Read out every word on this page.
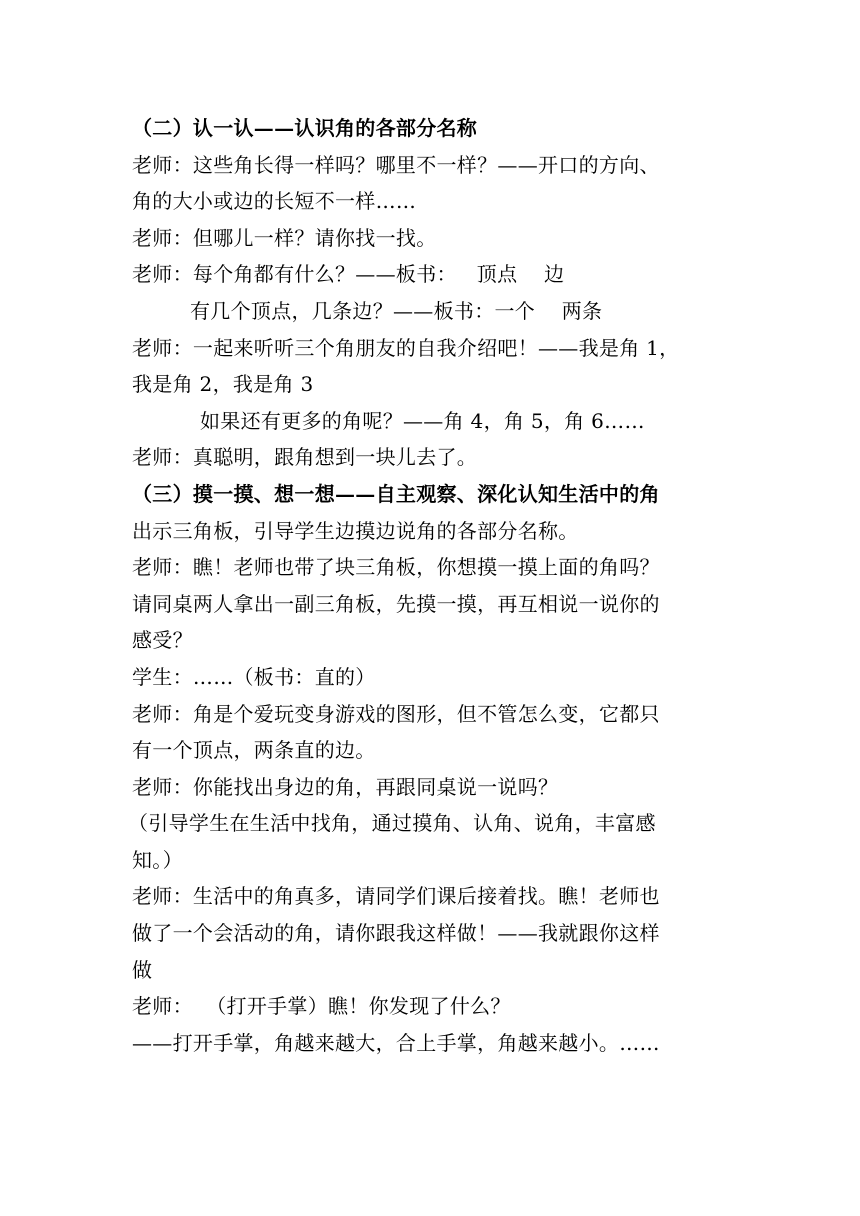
（二）认一认——认识角的各部分名称
老师：这些角长得一样吗？哪里不一样？——开口的方向、
角的大小或边的长短不一样……
老师：但哪儿一样？请你找一找。
老师：每个角都有什么？——板书：   顶点    边
有几个顶点，几条边？——板书：一个    两条
老师：一起来听听三个角朋友的自我介绍吧！——我是角 1，
我是角 2，我是角 3
如果还有更多的角呢？——角 4，角 5，角 6……
老师：真聪明，跟角想到一块儿去了。
（三）摸一摸、想一想——自主观察、深化认知生活中的角
出示三角板，引导学生边摸边说角的各部分名称。
老师：瞧！老师也带了块三角板，你想摸一摸上面的角吗？
请同桌两人拿出一副三角板，先摸一摸，再互相说一说你的
感受？
学生：……（板书：直的）
老师：角是个爱玩变身游戏的图形，但不管怎么变，它都只
有一个顶点，两条直的边。
老师：你能找出身边的角，再跟同桌说一说吗？
（引导学生在生活中找角，通过摸角、认角、说角，丰富感
知。）
老师：生活中的角真多，请同学们课后接着找。瞧！老师也
做了一个会活动的角，请你跟我这样做！——我就跟你这样
做
老师：  （打开手掌）瞧！你发现了什么？
——打开手掌，角越来越大，合上手掌，角越来越小。……
